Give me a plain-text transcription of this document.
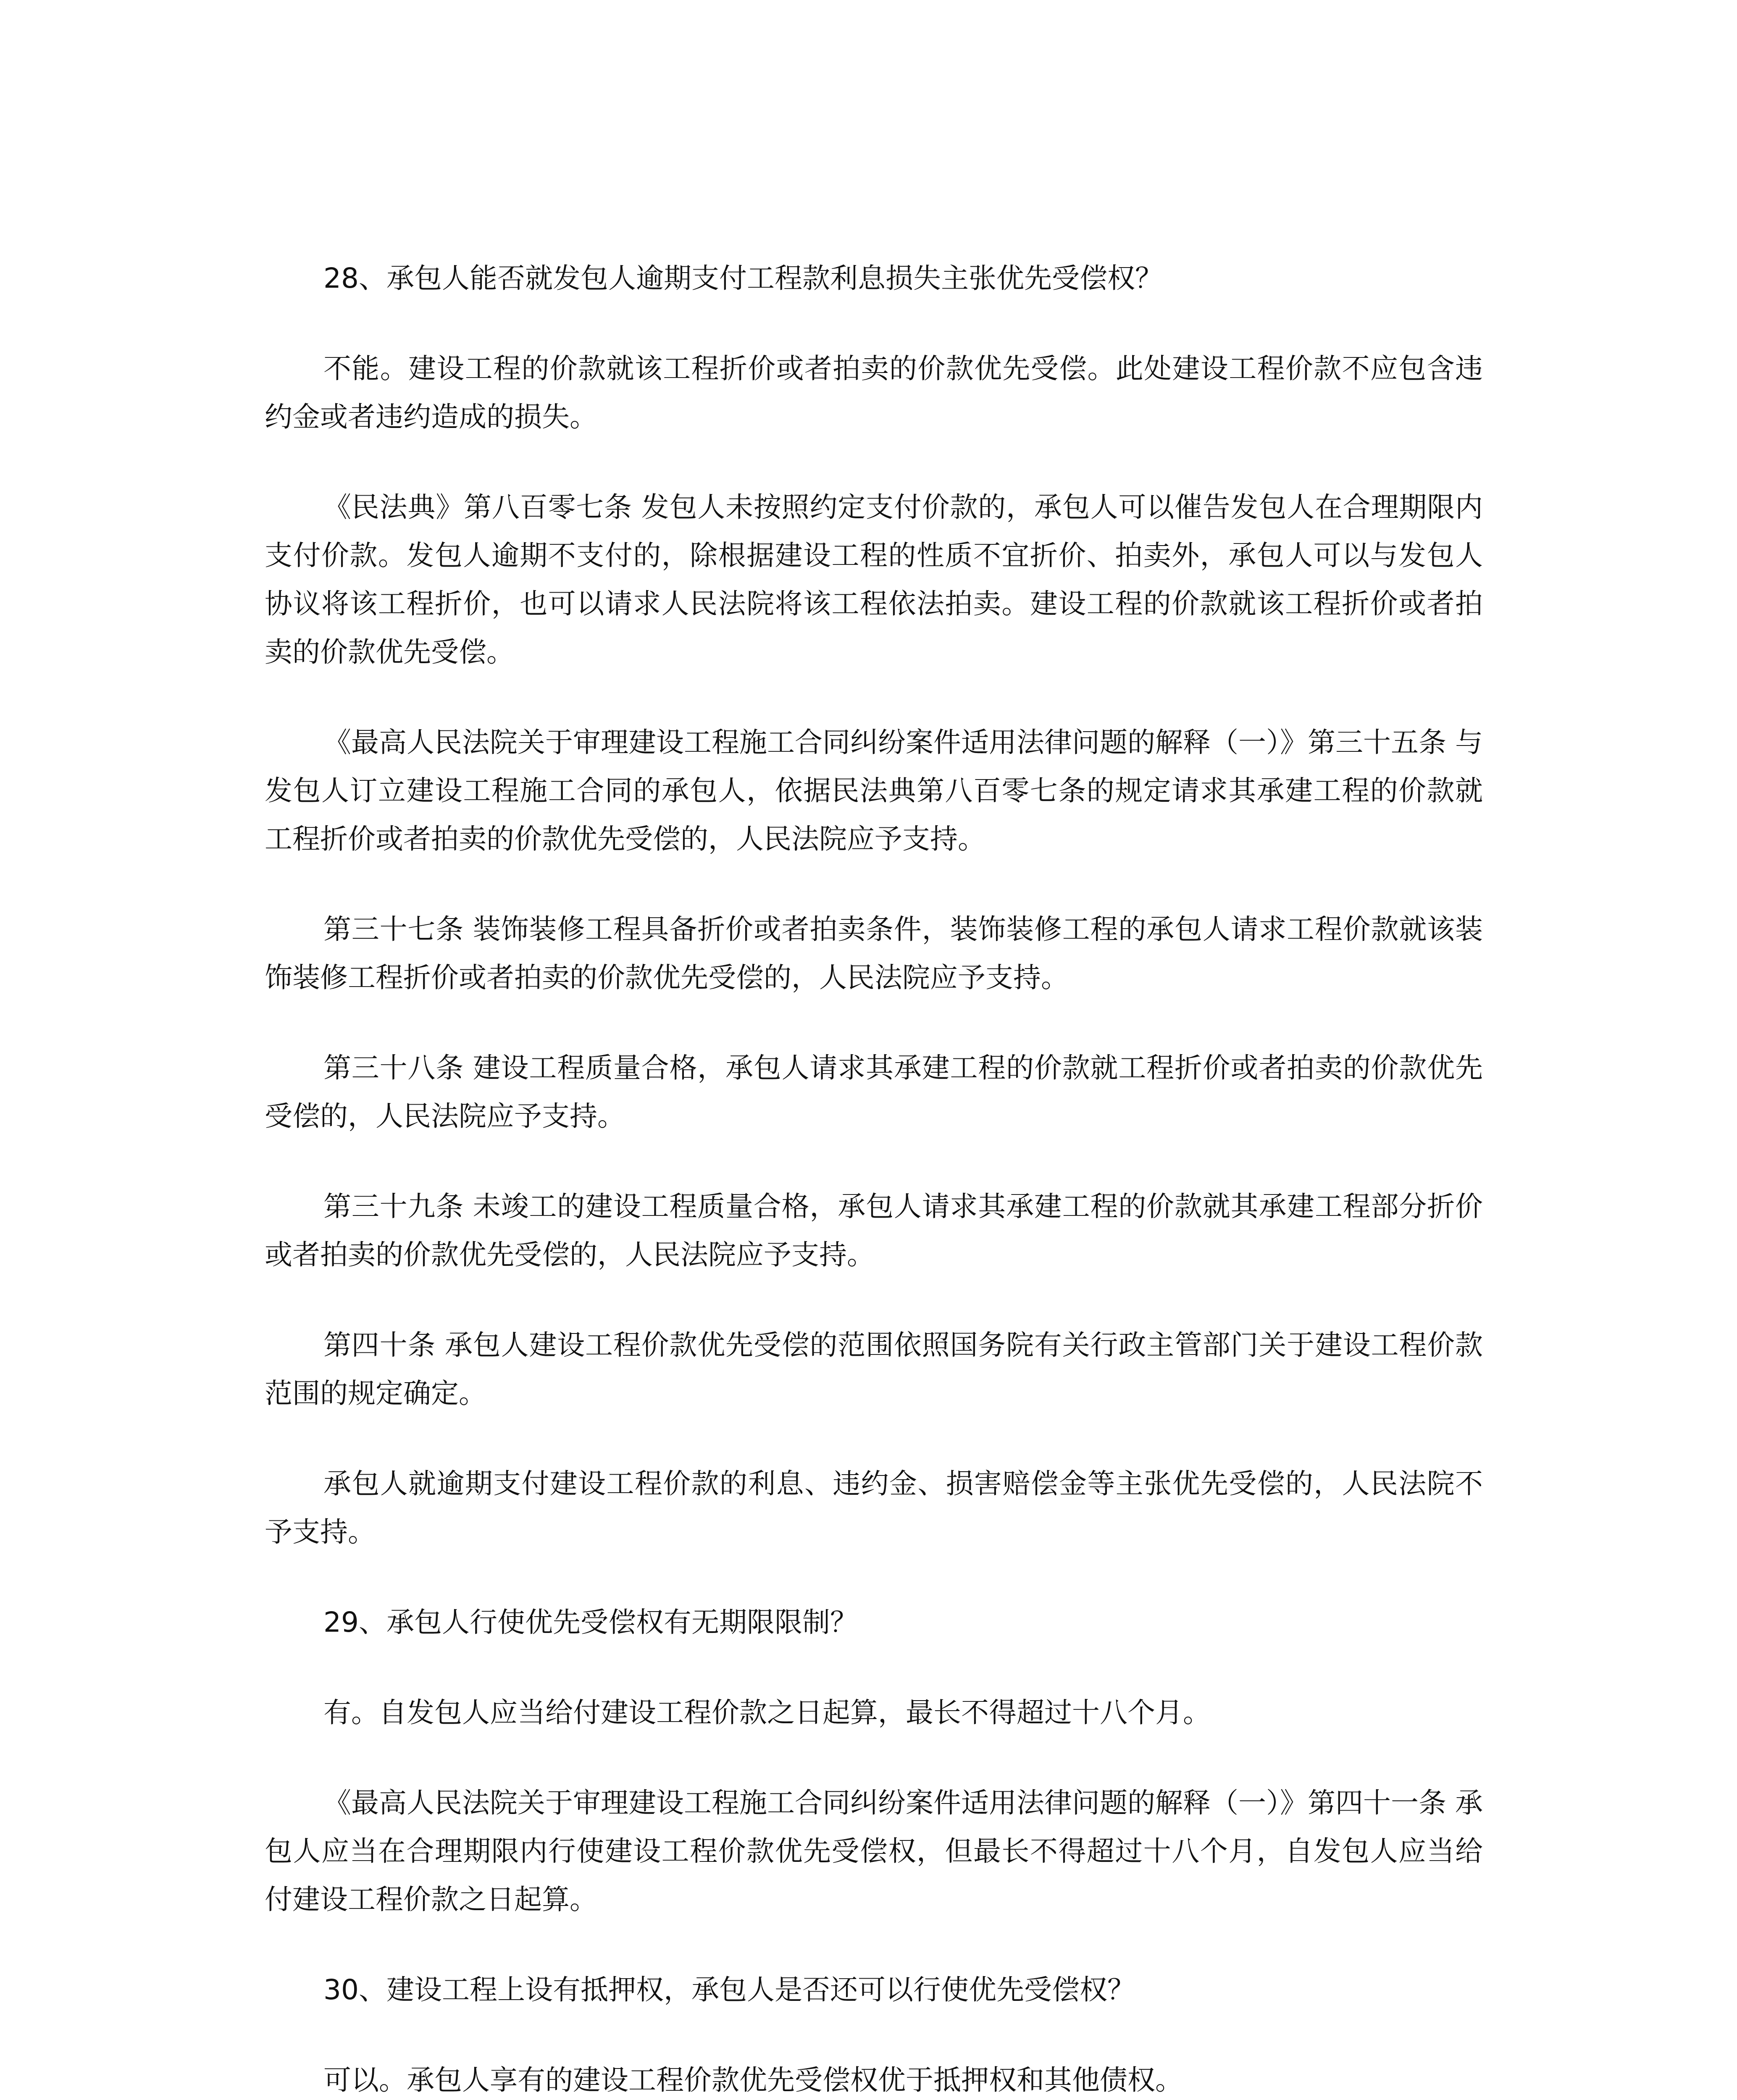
28、承包人能否就发包人逾期支付工程款利息损失主张优先受偿权？

不能。建设工程的价款就该工程折价或者拍卖的价款优先受偿。此处建设工程价款不应包含违约金或者违约造成的损失。

《民法典》第八百零七条 发包人未按照约定支付价款的，承包人可以催告发包人在合理期限内支付价款。发包人逾期不支付的，除根据建设工程的性质不宜折价、拍卖外，承包人可以与发包人协议将该工程折价，也可以请求人民法院将该工程依法拍卖。建设工程的价款就该工程折价或者拍卖的价款优先受偿。

《最高人民法院关于审理建设工程施工合同纠纷案件适用法律问题的解释（一）》第三十五条 与发包人订立建设工程施工合同的承包人，依据民法典第八百零七条的规定请求其承建工程的价款就工程折价或者拍卖的价款优先受偿的，人民法院应予支持。

第三十七条 装饰装修工程具备折价或者拍卖条件，装饰装修工程的承包人请求工程价款就该装饰装修工程折价或者拍卖的价款优先受偿的，人民法院应予支持。

第三十八条 建设工程质量合格，承包人请求其承建工程的价款就工程折价或者拍卖的价款优先受偿的，人民法院应予支持。

第三十九条 未竣工的建设工程质量合格，承包人请求其承建工程的价款就其承建工程部分折价或者拍卖的价款优先受偿的，人民法院应予支持。

第四十条 承包人建设工程价款优先受偿的范围依照国务院有关行政主管部门关于建设工程价款范围的规定确定。

承包人就逾期支付建设工程价款的利息、违约金、损害赔偿金等主张优先受偿的，人民法院不予支持。

29、承包人行使优先受偿权有无期限限制？

有。自发包人应当给付建设工程价款之日起算，最长不得超过十八个月。

《最高人民法院关于审理建设工程施工合同纠纷案件适用法律问题的解释（一）》第四十一条 承包人应当在合理期限内行使建设工程价款优先受偿权，但最长不得超过十八个月，自发包人应当给付建设工程价款之日起算。

30、建设工程上设有抵押权，承包人是否还可以行使优先受偿权？

可以。承包人享有的建设工程价款优先受偿权优于抵押权和其他债权。
